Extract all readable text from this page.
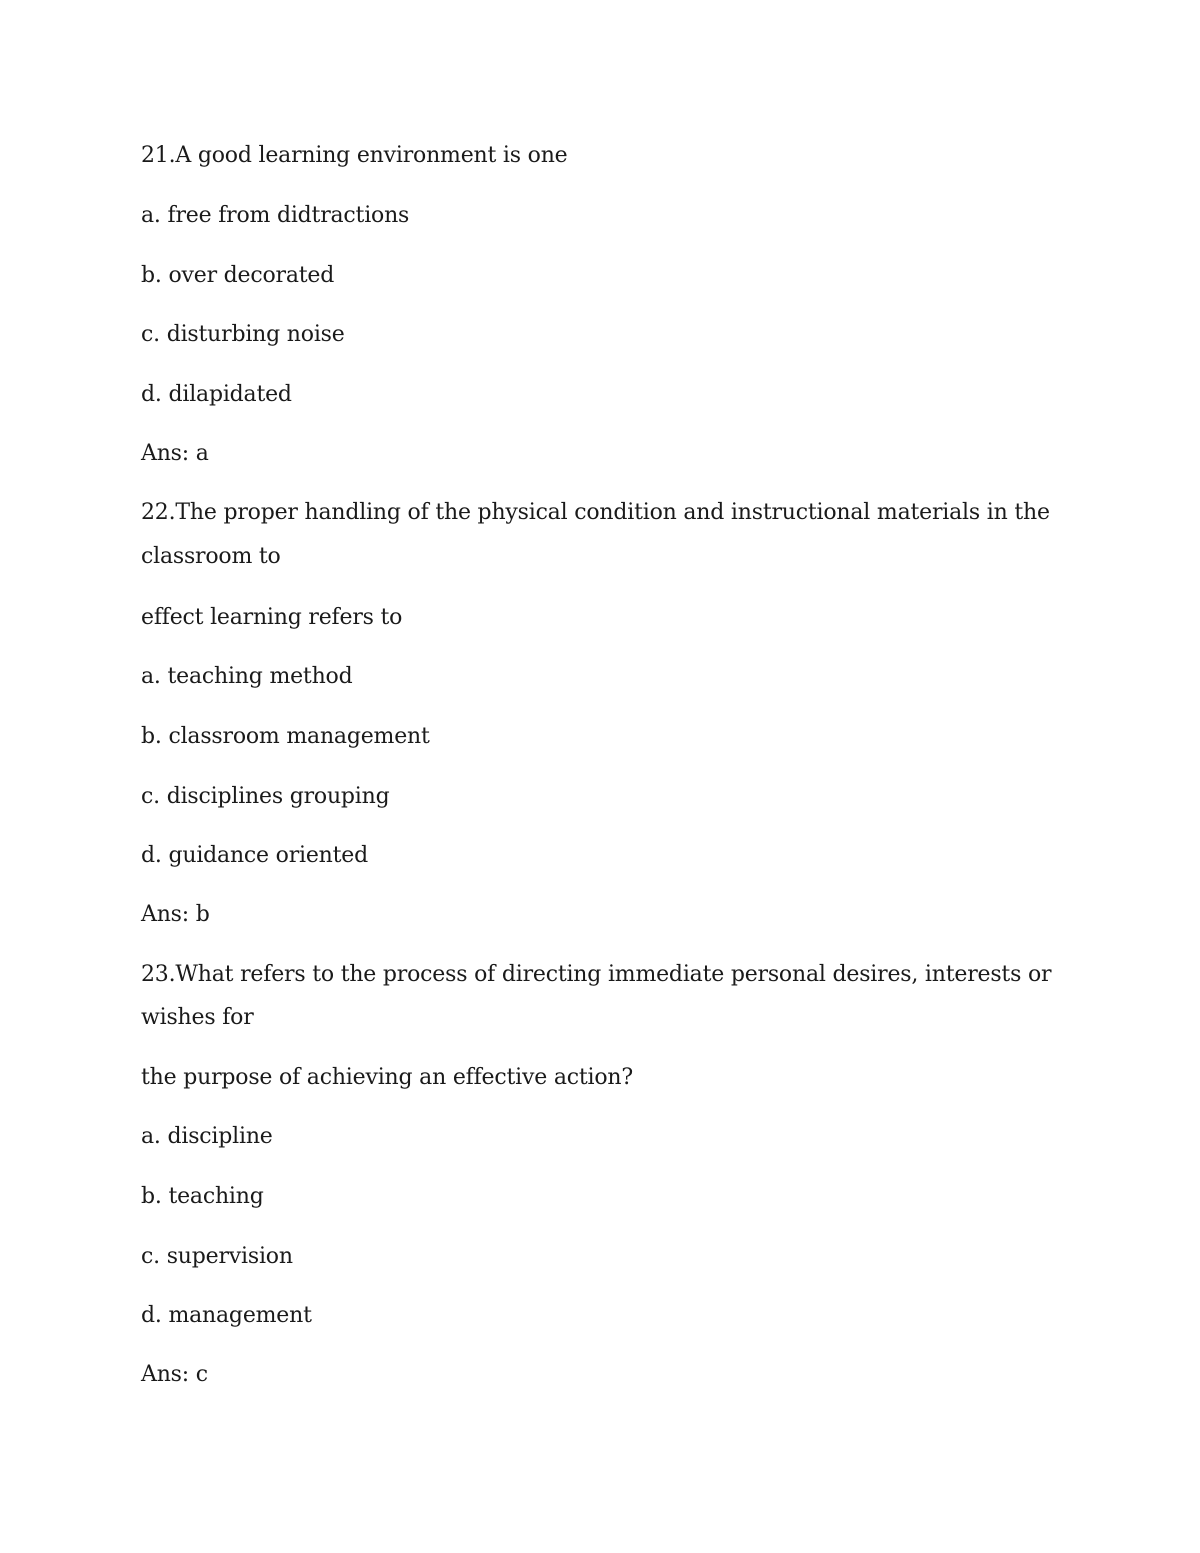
21.A good learning environment is one
a. free from didtractions
b. over decorated
c. disturbing noise
d. dilapidated
Ans: a
22.The proper handling of the physical condition and instructional materials in the
classroom to
effect learning refers to
a. teaching method
b. classroom management
c. disciplines grouping
d. guidance oriented
Ans: b
23.What refers to the process of directing immediate personal desires, interests or
wishes for
the purpose of achieving an effective action?
a. discipline
b. teaching
c. supervision
d. management
Ans: c
